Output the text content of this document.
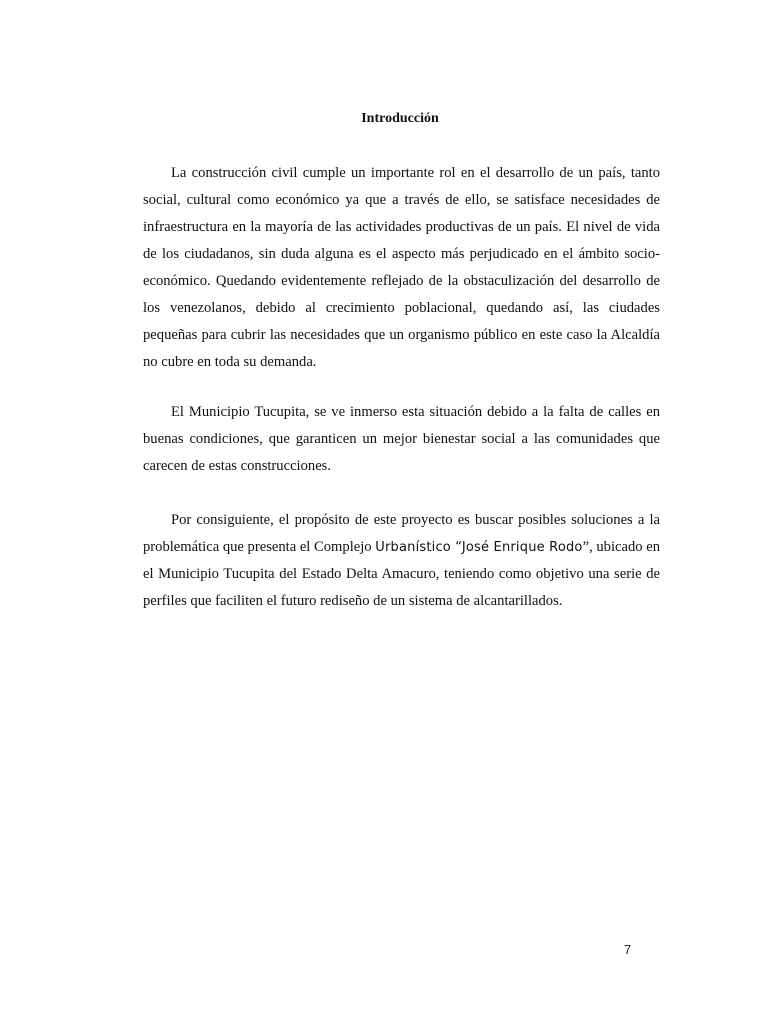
Introducción

La construcción civil cumple un importante rol en el desarrollo de un país, tanto social, cultural como económico ya que a través de ello, se satisface necesidades de infraestructura en la mayoría de las actividades productivas de un país. El nivel de vida de los ciudadanos, sin duda alguna es el aspecto más perjudicado en el ámbito socio-económico. Quedando evidentemente reflejado de la obstaculización del desarrollo de los venezolanos, debido al crecimiento poblacional, quedando así, las ciudades pequeñas para cubrir las necesidades que un organismo público en este caso la Alcaldía no cubre en toda su demanda.

El Municipio Tucupita, se ve inmerso esta situación debido a la falta de calles en buenas condiciones, que garanticen un mejor bienestar social a las comunidades que carecen de estas construcciones.

Por consiguiente, el propósito de este proyecto es buscar posibles soluciones a la problemática que presenta el Complejo Urbanístico “José Enrique Rodo”, ubicado en el Municipio Tucupita del Estado Delta Amacuro, teniendo como objetivo una serie de perfiles que faciliten el futuro rediseño de un sistema de alcantarillados.

7
